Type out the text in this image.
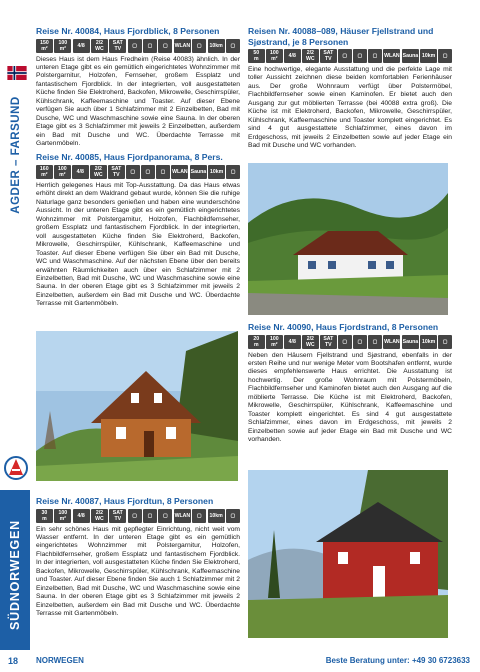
AGDER – FARSUND
SÜDNORWEGEN
Reise Nr. 40084, Haus Fjordblick, 8 Personen
150
m²
100
m² 4/8 2/2
WC
SAT
TV ▢ ▢ ▢ WLAN ▢ 10km ▢
Dieses Haus ist dem Haus Fredheim (Reise 40083) ähnlich. In der unteren Etage gibt es ein gemütlich eingerichtetes Wohnzimmer mit Polstergarnitur, Holzofen, Fernseher, großem Essplatz und fantastischem Fjordblick. In der integrierten, voll ausgestatteten Küche finden Sie Elektroherd, Backofen, Mikrowelle, Geschirrspüler, Kühlschrank, Kaffeemaschine und Toaster. Auf dieser Ebene verfügen Sie auch über 1 Schlafzimmer mit 2 Einzelbetten, Bad mit Dusche, WC und Waschmaschine sowie eine Sauna. In der oberen Etage gibt es 3 Schlafzimmer mit jeweils 2 Einzelbetten, außerdem ein Bad mit Dusche und WC. Überdachte Terrasse mit Gartenmöbeln.
Reise Nr. 40085, Haus Fjordpanorama, 8 Pers.
160
m²
100
m² 4/8 2/2
WC
SAT
TV ▢ ▢ ▢ WLAN Sauna 10km ▢
Herrlich gelegenes Haus mit Top-Ausstattung. Da das Haus etwas erhöht direkt an dem Waldrand gebaut wurde, können Sie die ruhige Naturlage ganz besonders genießen und haben eine wunderschöne Aussicht. In der unteren Etage gibt es ein gemütlich eingerichtetes Wohnzimmer mit Polstergarnitur, Holzofen, Flachbildfernseher, großem Essplatz und fantastischem Fjordblick. In der integrierten, voll ausgestatteten Küche finden Sie Elektroherd, Backofen, Mikrowelle, Geschirrspüler, Kühlschrank, Kaffeemaschine und Toaster. Auf dieser Ebene verfügen Sie über ein Bad mit Dusche, WC und Waschmaschine. Auf der nächsten Ebene über den bereits erwähnten Räumlichkeiten auch über ein Schlafzimmer mit 2 Einzelbetten, Bad mit Dusche, WC und Waschmaschine sowie eine Sauna. In der oberen Etage gibt es 3 Schlafzimmer mit jeweils 2 Einzelbetten, außerdem ein Bad mit Dusche und WC. Überdachte Terrasse mit Gartenmöbeln.
Reise Nr. 40087, Haus Fjordtun, 8 Personen
30
m
100
m² 4/8 2/2
WC
SAT
TV ▢ ▢ ▢ WLAN ▢ 10km ▢
Ein sehr schönes Haus mit gepflegter Einrichtung, nicht weit vom Wasser entfernt. In der unteren Etage gibt es ein gemütlich eingerichtetes Wohnzimmer mit Polstergarnitur, Holzofen, Flachbildfernseher, großem Essplatz und fantastischem Fjordblick. In der integrierten, voll ausgestatteten Küche finden Sie Elektroherd, Backofen, Mikrowelle, Geschirrspüler, Kühlschrank, Kaffeemaschine und Toaster. Auf dieser Ebene finden Sie auch 1 Schlafzimmer mit 2 Einzelbetten, Bad mit Dusche, WC und Waschmaschine sowie eine Sauna. In der oberen Etage gibt es 3 Schlafzimmer mit jeweils 2 Einzelbetten, außerdem ein Bad mit Dusche und WC. Überdachte Terrasse mit Gartenmöbeln.
Reisen Nr. 40088–089, Häuser Fjellstrand und Sjøstrand, je 8 Personen
50
m
100
m² 4/8 2/2
WC
SAT
TV ▢ ▢ ▢ WLAN Sauna 10km ▢
Eine hochwertige, elegante Ausstattung und die perfekte Lage mit toller Aussicht zeichnen diese beiden komfortablen Ferienhäuser aus. Der große Wohnraum verfügt über Polstermöbel, Flachbildfernseher sowie einen Kaminofen. Er bietet auch den Ausgang zur gut möblierten Terrasse (bei 40088 extra groß). Die Küche ist mit Elektroherd, Backofen, Mikrowelle, Geschirrspüler, Kühlschrank, Kaffeemaschine und Toaster komplett eingerichtet. Es sind 4 gut ausgestattete Schlafzimmer, eines davon im Erdgeschoss, mit jeweils 2 Einzelbetten sowie auf jeder Etage ein Bad mit Dusche und WC vorhanden.
Reise Nr. 40090, Haus Fjordstrand, 8 Personen
20
m
100
m² 4/8 2/2
WC
SAT
TV ▢ ▢ ▢ WLAN Sauna 10km ▢
Neben den Häusern Fjellstrand und Sjøstrand, ebenfalls in der ersten Reihe und nur wenige Meter vom Bootshafen entfernt, wurde dieses empfehlenswerte Haus errichtet. Die Ausstattung ist hochwertig. Der große Wohnraum mit Polstermöbeln, Flachbildfernseher und Kaminofen bietet auch den Ausgang auf die möblierte Terrasse. Die Küche ist mit Elektroherd, Backofen, Mikrowelle, Geschirrspüler, Kühlschrank, Kaffeemaschine und Toaster komplett eingerichtet. Es sind 4 gut ausgestattete Schlafzimmer, eines davon im Erdgeschoss, mit jeweils 2 Einzelbetten sowie auf jeder Etage ein Bad mit Dusche und WC vorhanden.
18 NORWEGEN	Beste Beratung unter: +49 30 6723633
